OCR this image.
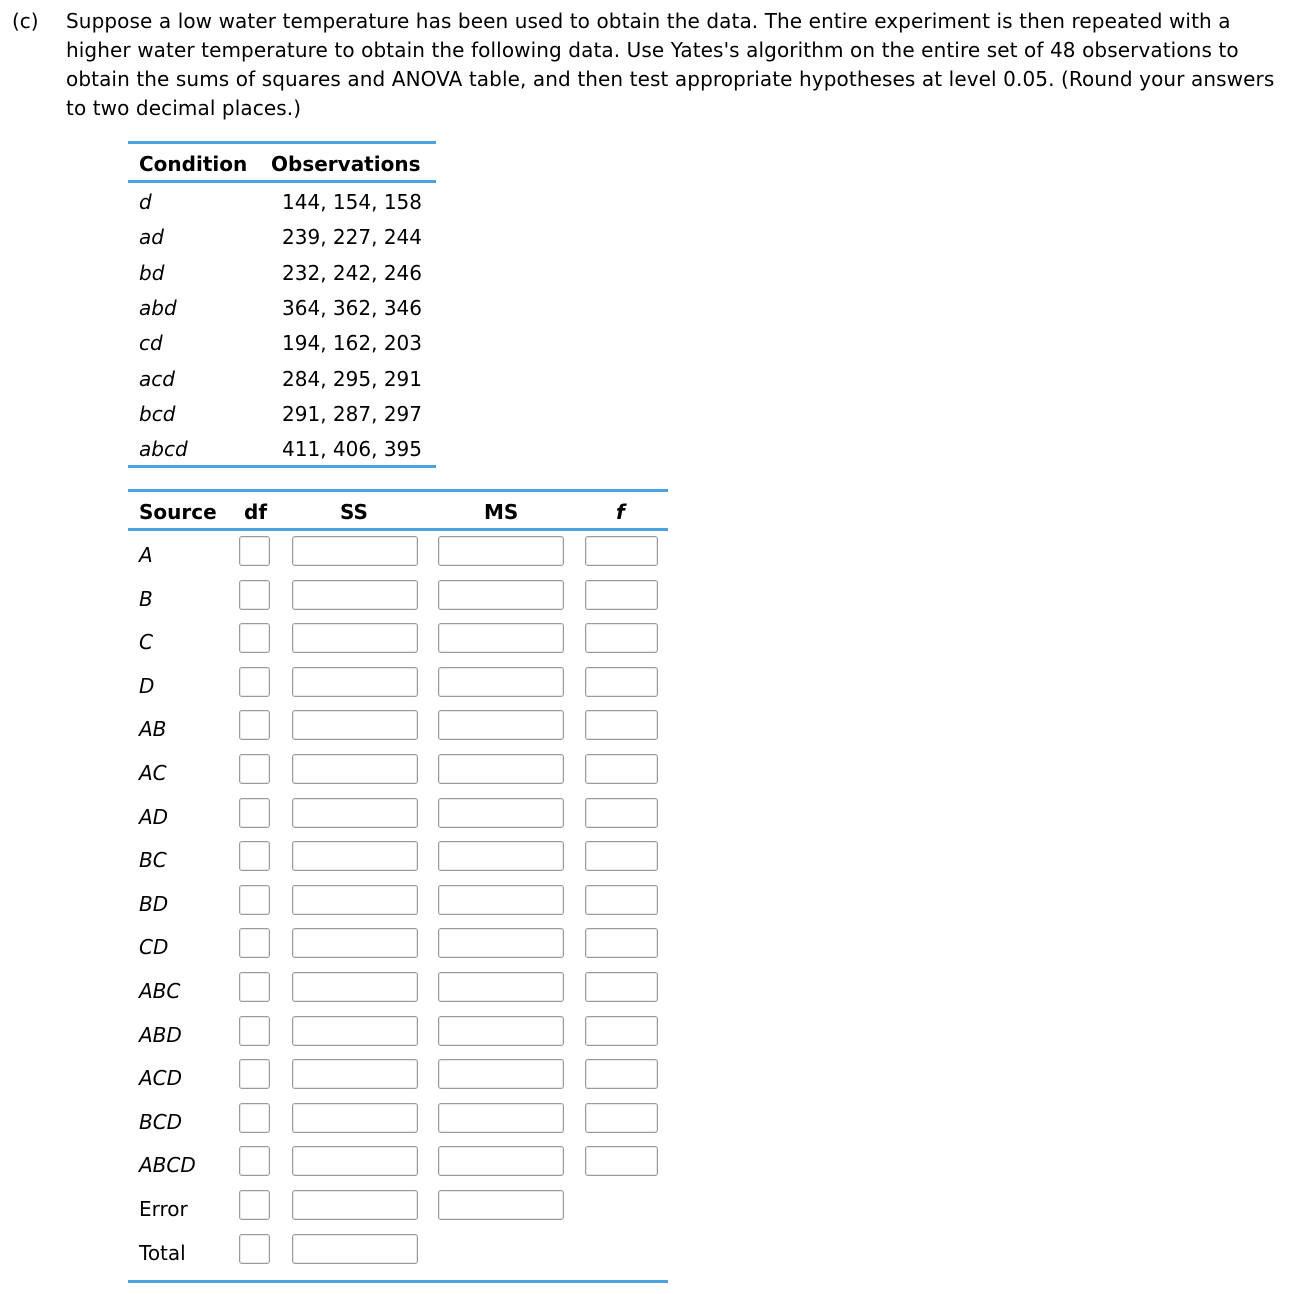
(c) Suppose a low water temperature has been used to obtain the data. The entire experiment is then repeated with a higher water temperature to obtain the following data. Use Yates's algorithm on the entire set of 48 observations to obtain the sums of squares and ANOVA table, and then test appropriate hypotheses at level 0.05. (Round your answers to two decimal places.)
Condition Observations
d	144, 154, 158
ad	239, 227, 244
bd	232, 242, 246
abd	364, 362, 346
cd	194, 162, 203
acd	284, 295, 291
bcd	291, 287, 297
abcd	411, 406, 395
Source df	SS	MS	f
A
B
C
D
AB
AC
AD
BC
BD
CD
ABC
ABD
ACD
BCD
ABCD
Error
Total
